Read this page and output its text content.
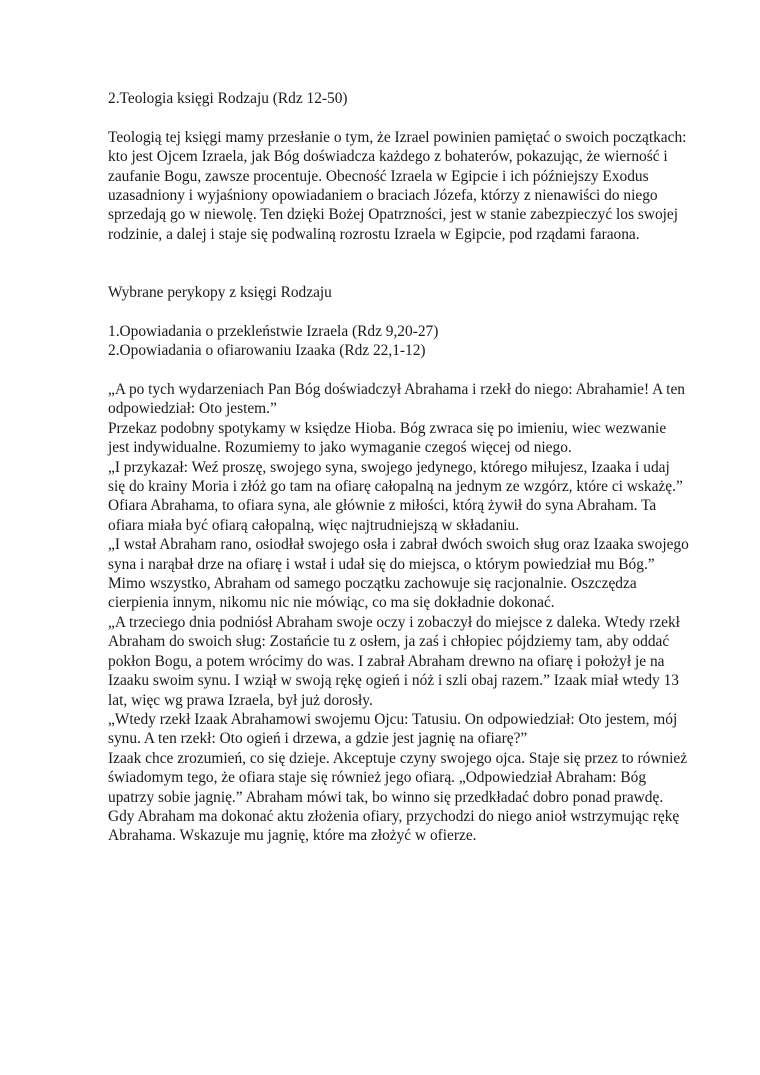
2.Teologia księgi Rodzaju (Rdz 12-50)

Teologią tej księgi mamy przesłanie o tym, że Izrael powinien pamiętać o swoich początkach:
kto jest Ojcem Izraela, jak Bóg doświadcza każdego z bohaterów, pokazując, że wierność i
zaufanie Bogu, zawsze procentuje. Obecność Izraela w Egipcie i ich późniejszy Exodus
uzasadniony i wyjaśniony opowiadaniem o braciach Józefa, którzy z nienawiści do niego
sprzedają go w niewolę. Ten dzięki Bożej Opatrzności, jest w stanie zabezpieczyć los swojej
rodzinie, a dalej i staje się podwaliną rozrostu Izraela w Egipcie, pod rządami faraona.

Wybrane perykopy z księgi Rodzaju

1.Opowiadania o przekleństwie Izraela (Rdz 9,20-27)
2.Opowiadania o ofiarowaniu Izaaka (Rdz 22,1-12)
„A po tych wydarzeniach Pan Bóg doświadczył Abrahama i rzekł do niego: Abrahamie! A ten
odpowiedział: Oto jestem.”
Przekaz podobny spotykamy w księdze Hioba. Bóg zwraca się po imieniu, wiec wezwanie
jest indywidualne. Rozumiemy to jako wymaganie czegoś więcej od niego.
„I przykazał: Weź proszę, swojego syna, swojego jedynego, którego miłujesz, Izaaka i udaj
się do krainy Moria i złóż go tam na ofiarę całopalną na jednym ze wzgórz, które ci wskażę.”
Ofiara Abrahama, to ofiara syna, ale głównie z miłości, którą żywił do syna Abraham. Ta
ofiara miała być ofiarą całopalną, więc najtrudniejszą w składaniu.
„I wstał Abraham rano, osiodłał swojego osła i zabrał dwóch swoich sług oraz Izaaka swojego
syna i narąbał drze na ofiarę i wstał i udał się do miejsca, o którym powiedział mu Bóg.”
Mimo wszystko, Abraham od samego początku zachowuje się racjonalnie. Oszczędza
cierpienia innym, nikomu nic nie mówiąc, co ma się dokładnie dokonać.
„A trzeciego dnia podniósł Abraham swoje oczy i zobaczył do miejsce z daleka. Wtedy rzekł
Abraham do swoich sług: Zostańcie tu z osłem, ja zaś i chłopiec pójdziemy tam, aby oddać
pokłon Bogu, a potem wrócimy do was. I zabrał Abraham drewno na ofiarę i położył je na
Izaaku swoim synu. I wziął w swoją rękę ogień i nóż i szli obaj razem.” Izaak miał wtedy 13
lat, więc wg prawa Izraela, był już dorosły.
„Wtedy rzekł Izaak Abrahamowi swojemu Ojcu: Tatusiu. On odpowiedział: Oto jestem, mój
synu. A ten rzekł: Oto ogień i drzewa, a gdzie jest jagnię na ofiarę?”
Izaak chce zrozumień, co się dzieje. Akceptuje czyny swojego ojca. Staje się przez to również
świadomym tego, że ofiara staje się również jego ofiarą. „Odpowiedział Abraham: Bóg
upatrzy sobie jagnię.” Abraham mówi tak, bo winno się przedkładać dobro ponad prawdę.
Gdy Abraham ma dokonać aktu złożenia ofiary, przychodzi do niego anioł wstrzymując rękę
Abrahama. Wskazuje mu jagnię, które ma złożyć w ofierze.
